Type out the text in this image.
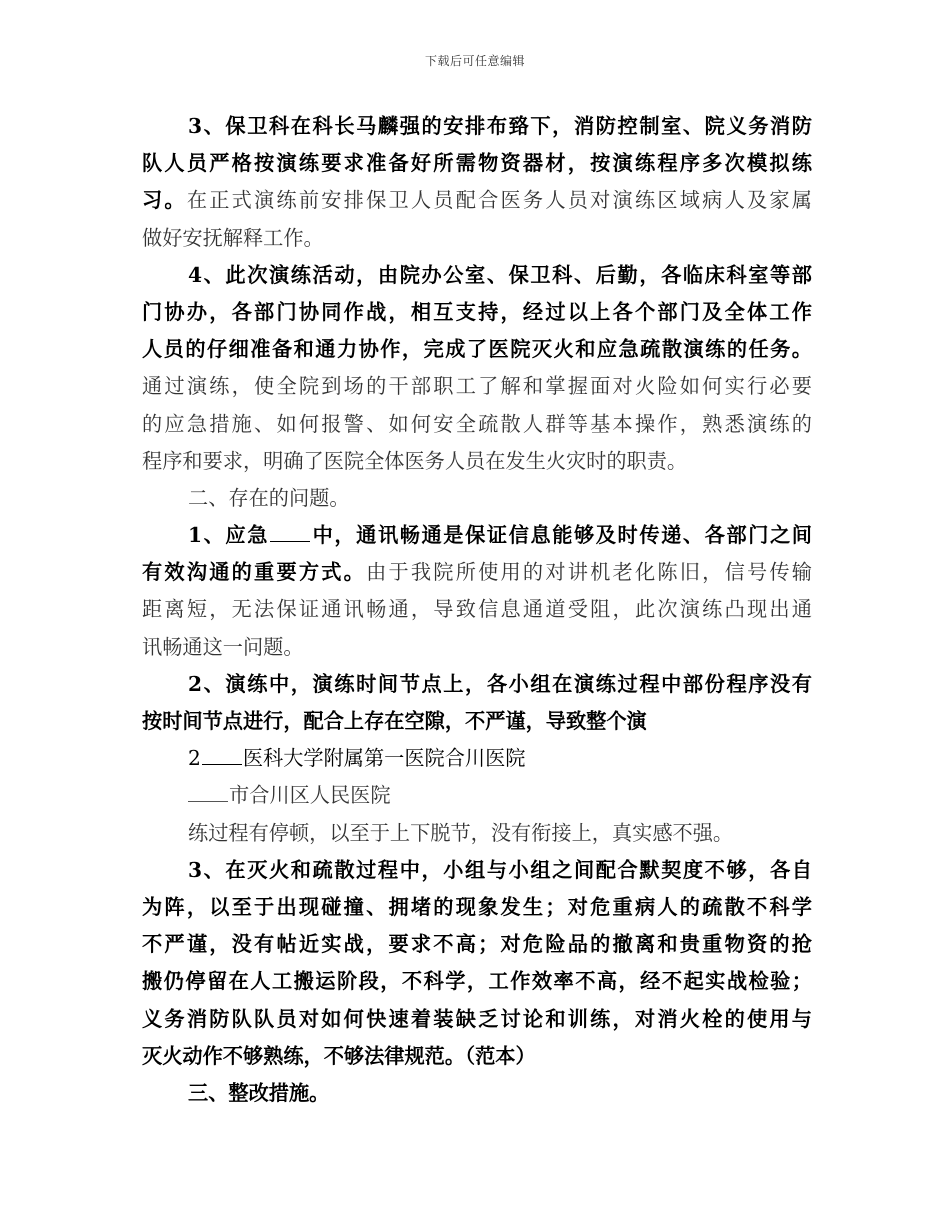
下载后可任意编辑
3、保卫科在科长马麟强的安排布臵下，消防控制室、院义务消防
队人员严格按演练要求准备好所需物资器材，按演练程序多次模拟练
习。在正式演练前安排保卫人员配合医务人员对演练区域病人及家属
做好安抚解释工作。
4、此次演练活动，由院办公室、保卫科、后勤，各临床科室等部
门协办，各部门协同作战，相互支持，经过以上各个部门及全体工作
人员的仔细准备和通力协作，完成了医院灭火和应急疏散演练的任务。
通过演练，使全院到场的干部职工了解和掌握面对火险如何实行必要
的应急措施、如何报警、如何安全疏散人群等基本操作，熟悉演练的
程序和要求，明确了医院全体医务人员在发生火灾时的职责。
二、存在的问题。
1、应急 中，通讯畅通是保证信息能够及时传递、各部门之间
有效沟通的重要方式。由于我院所使用的对讲机老化陈旧，信号传输
距离短，无法保证通讯畅通，导致信息通道受阻，此次演练凸现出通
讯畅通这一问题。
2、演练中，演练时间节点上，各小组在演练过程中部份程序没有
按时间节点进行，配合上存在空隙，不严谨，导致整个演
2 医科大学附属第一医院合川医院
市合川区人民医院
练过程有停顿，以至于上下脱节，没有衔接上，真实感不强。
3、在灭火和疏散过程中，小组与小组之间配合默契度不够，各自
为阵，以至于出现碰撞、拥堵的现象发生；对危重病人的疏散不科学
不严谨，没有帖近实战，要求不高；对危险品的撤离和贵重物资的抢
搬仍停留在人工搬运阶段，不科学，工作效率不高，经不起实战检验；
义务消防队队员对如何快速着装缺乏讨论和训练，对消火栓的使用与
灭火动作不够熟练，不够法律规范。（范本）
三、整改措施。
